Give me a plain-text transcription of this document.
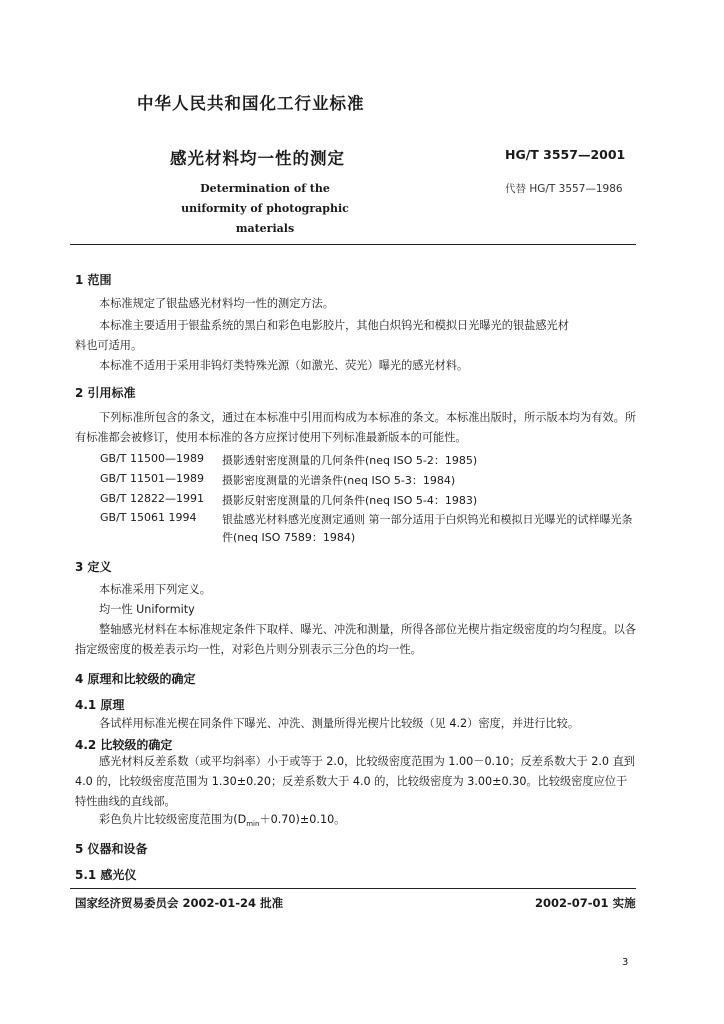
中华人民共和国化工行业标准
感光材料均一性的测定	HG/T 3557—2001
Determination of the uniformity of photographic materials
代替 HG/T 3557—1986
1 范围
本标准规定了银盐感光材料均一性的测定方法。
本标准主要适用于银盐系统的黑白和彩色电影胶片，其他白炽钨光和模拟日光曝光的银盐感光材
料也可适用。
本标准不适用于采用非钨灯类特殊光源（如激光、荧光）曝光的感光材料。
2 引用标准
下列标准所包含的条文，通过在本标准中引用而构成为本标准的条文。本标准出版时，所示版本均为有效。所有标准都会被修订，使用本标准的各方应探讨使用下列标准最新版本的可能性。
GB/T 11500—1989 摄影透射密度测量的几何条件(neq ISO 5-2：1985)
GB/T 11501—1989 摄影密度测量的光谱条件(neq ISO 5-3：1984)
GB/T 12822—1991 摄影反射密度测量的几何条件(neq ISO 5-4：1983)
GB/T 15061 1994 银盐感光材料感光度测定通则 第一部分适用于白炽钨光和模拟日光曝光的试样曝光条件(neq ISO 7589：1984)
3 定义
本标准采用下列定义。
均一性 Uniformity
整轴感光材料在本标准规定条件下取样、曝光、冲洗和测量，所得各部位光楔片指定级密度的均匀程度。以各指定级密度的极差表示均一性，对彩色片则分别表示三分色的均一性。
4 原理和比较级的确定
4.1 原理
各试样用标准光楔在同条件下曝光、冲洗、测量所得光楔片比较级（见 4.2）密度，并进行比较。
4.2 比较级的确定
感光材料反差系数（或平均斜率）小于或等于 2.0，比较级密度范围为 1.00－0.10；反差系数大于 2.0 直到 4.0 的，比较级密度范围为 1.30±0.20；反差系数大于 4.0 的，比较级密度为 3.00±0.30。比较级密度应位于特性曲线的直线部。
彩色负片比较级密度范围为$(D_{min}+0.70)\pm 0.10$。
5 仪器和设备
5.1 感光仪
国家经济贸易委员会 2002-01-24 批准	2002-07-01 实施
3
